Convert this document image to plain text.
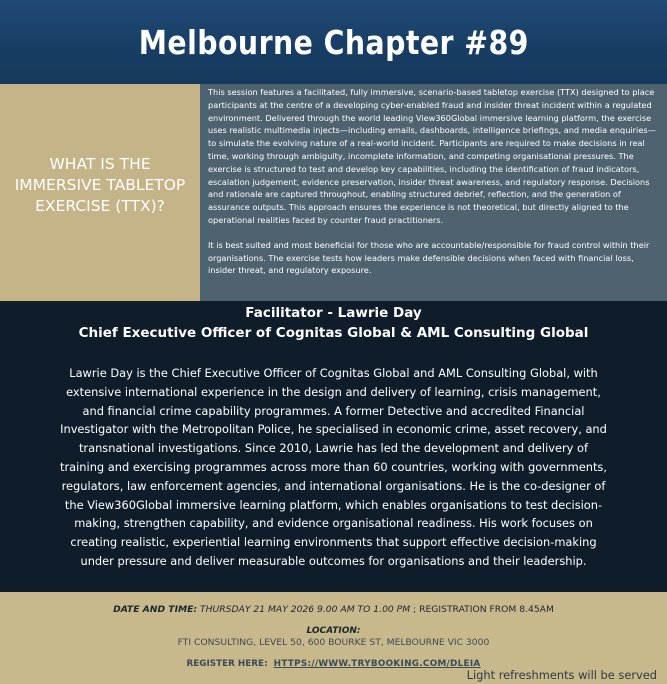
Melbourne Chapter #89
WHAT IS THE IMMERSIVE TABLETOP EXERCISE (TTX)?

This session features a facilitated, fully immersive, scenario-based tabletop exercise (TTX) designed to place participants at the centre of a developing cyber-enabled fraud and insider threat incident within a regulated environment. Delivered through the world leading View360Global immersive learning platform, the exercise uses realistic multimedia injects—including emails, dashboards, intelligence briefings, and media enquiries—to simulate the evolving nature of a real-world incident. Participants are required to make decisions in real time, working through ambiguity, incomplete information, and competing organisational pressures. The exercise is structured to test and develop key capabilities, including the identification of fraud indicators, escalation judgement, evidence preservation, insider threat awareness, and regulatory response. Decisions and rationale are captured throughout, enabling structured debrief, reflection, and the generation of assurance outputs. This approach ensures the experience is not theoretical, but directly aligned to the operational realities faced by counter fraud practitioners.

It is best suited and most beneficial for those who are accountable/responsible for fraud control within their organisations. The exercise tests how leaders make defensible decisions when faced with financial loss, insider threat, and regulatory exposure.

Facilitator - Lawrie Day
Chief Executive Officer of Cognitas Global & AML Consulting Global
Lawrie Day is the Chief Executive Officer of Cognitas Global and AML Consulting Global, with extensive international experience in the design and delivery of learning, crisis management, and financial crime capability programmes. A former Detective and accredited Financial Investigator with the Metropolitan Police, he specialised in economic crime, asset recovery, and transnational investigations. Since 2010, Lawrie has led the development and delivery of training and exercising programmes across more than 60 countries, working with governments, regulators, law enforcement agencies, and international organisations. He is the co-designer of the View360Global immersive learning platform, which enables organisations to test decision-making, strengthen capability, and evidence organisational readiness. His work focuses on creating realistic, experiential learning environments that support effective decision-making under pressure and deliver measurable outcomes for organisations and their leadership.
DATE AND TIME: THURSDAY 21 MAY 2026 9.00 AM TO 1.00 PM ; REGISTRATION FROM 8.45AM
LOCATION:
FTI CONSULTING, LEVEL 50, 600 BOURKE ST, MELBOURNE VIC 3000
REGISTER HERE: HTTPS://WWW.TRYBOOKING.COM/DLEIA
Light refreshments will be served
